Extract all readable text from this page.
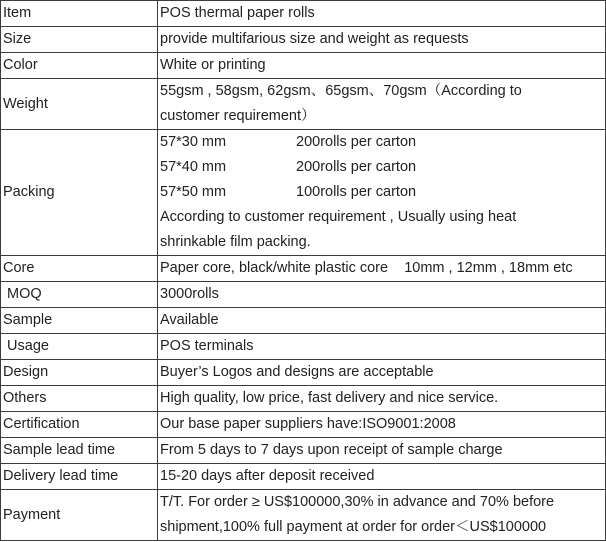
Item	POS thermal paper rolls
Size	provide multifarious size and weight as requests
Color	White or printing
Weight	55gsm , 58gsm, 62gsm、65gsm、70gsm（According to
customer requirement）

Packing	57*30 mm 200rolls per carton
57*40 mm 200rolls per carton
57*50 mm 100rolls per carton
According to customer requirement , Usually using heat
shrinkable film packing.

Core	Paper core, black/white plastic core    10mm , 12mm , 18mm etc
MOQ	3000rolls
Sample	Available
Usage	POS terminals
Design	Buyer’s Logos and designs are acceptable
Others	High quality, low price, fast delivery and nice service.
Certification	Our base paper suppliers have:ISO9001:2008
Sample lead time	From 5 days to 7 days upon receipt of sample charge
Delivery lead time	15-20 days after deposit received
Payment	T/T. For order ≥ US$100000,30% in advance and 70% before
shipment,100% full payment at order for order＜US$100000
